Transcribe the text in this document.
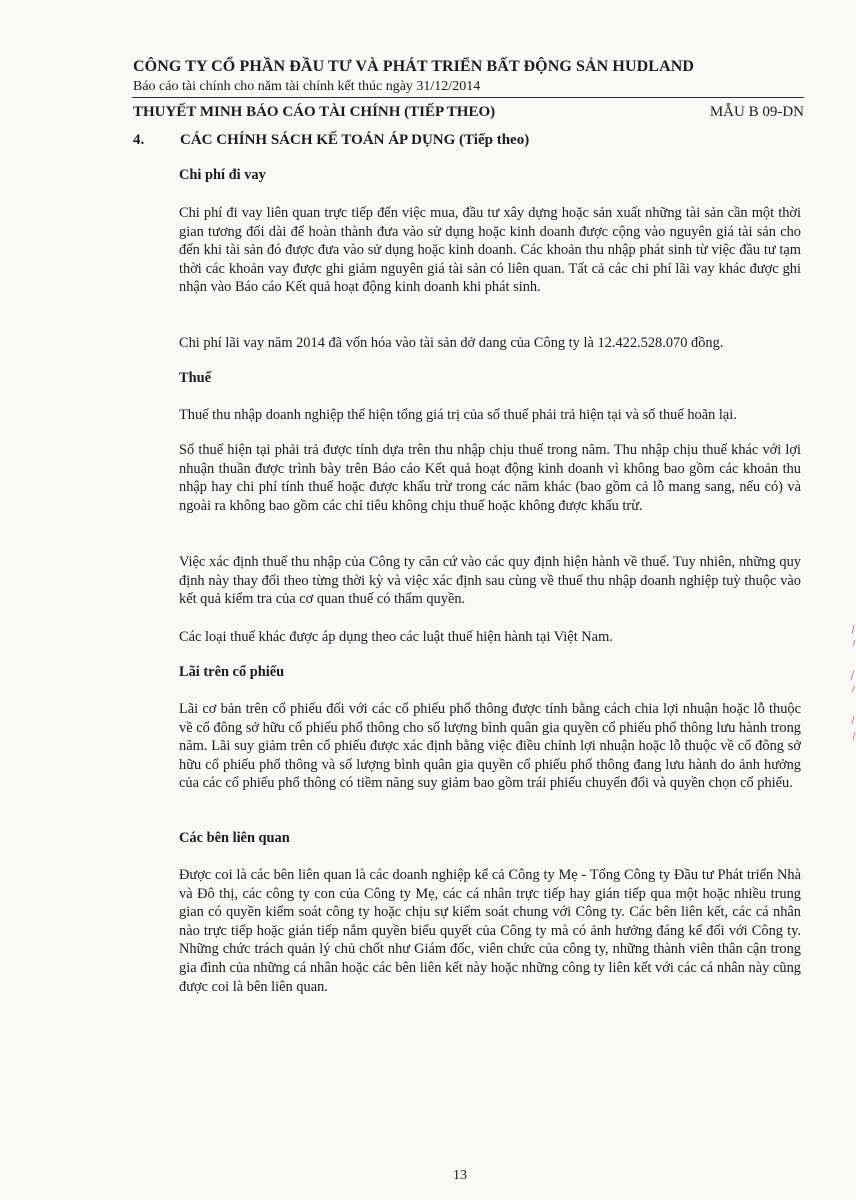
CÔNG TY CỔ PHẦN ĐẦU TƯ VÀ PHÁT TRIỂN BẤT ĐỘNG SẢN HUDLAND
Báo cáo tài chính cho năm tài chính kết thúc ngày 31/12/2014
THUYẾT MINH BÁO CÁO TÀI CHÍNH (TIẾP THEO)	MẪU B 09-DN
4. CÁC CHÍNH SÁCH KẾ TOÁN ÁP DỤNG (Tiếp theo)
Chi phí đi vay
Chi phí đi vay liên quan trực tiếp đến việc mua, đầu tư xây dựng hoặc sản xuất những tài sản cần một thời gian tương đối dài để hoàn thành đưa vào sử dụng hoặc kinh doanh được cộng vào nguyên giá tài sản cho đến khi tài sản đó được đưa vào sử dụng hoặc kinh doanh. Các khoản thu nhập phát sinh từ việc đầu tư tạm thời các khoản vay được ghi giảm nguyên giá tài sản có liên quan. Tất cả các chi phí lãi vay khác được ghi nhận vào Báo cáo Kết quả hoạt động kinh doanh khi phát sinh.
Chi phí lãi vay năm 2014 đã vốn hóa vào tài sản dở dang của Công ty là 12.422.528.070 đồng.
Thuế
Thuế thu nhập doanh nghiệp thể hiện tổng giá trị của số thuế phải trả hiện tại và số thuế hoãn lại.
Số thuế hiện tại phải trả được tính dựa trên thu nhập chịu thuế trong năm. Thu nhập chịu thuế khác với lợi nhuận thuần được trình bày trên Báo cáo Kết quả hoạt động kinh doanh vì không bao gồm các khoản thu nhập hay chi phí tính thuế hoặc được khấu trừ trong các năm khác (bao gồm cả lỗ mang sang, nếu có) và ngoài ra không bao gồm các chỉ tiêu không chịu thuế hoặc không được khấu trừ.
Việc xác định thuế thu nhập của Công ty căn cứ vào các quy định hiện hành về thuế. Tuy nhiên, những quy định này thay đổi theo từng thời kỳ và việc xác định sau cùng về thuế thu nhập doanh nghiệp tuỳ thuộc vào kết quả kiểm tra của cơ quan thuế có thẩm quyền.
Các loại thuế khác được áp dụng theo các luật thuế hiện hành tại Việt Nam.
Lãi trên cổ phiếu
Lãi cơ bản trên cổ phiếu đối với các cổ phiếu phổ thông được tính bằng cách chia lợi nhuận hoặc lỗ thuộc về cổ đông sở hữu cổ phiếu phổ thông cho số lượng bình quân gia quyền cổ phiếu phổ thông lưu hành trong năm. Lãi suy giảm trên cổ phiếu được xác định bằng việc điều chỉnh lợi nhuận hoặc lỗ thuộc về cổ đông sở hữu cổ phiếu phổ thông và số lượng bình quân gia quyền cổ phiếu phổ thông đang lưu hành do ảnh hưởng của các cổ phiếu phổ thông có tiềm năng suy giảm bao gồm trái phiếu chuyển đổi và quyền chọn cổ phiếu.
Các bên liên quan
Được coi là các bên liên quan là các doanh nghiệp kể cả Công ty Mẹ - Tổng Công ty Đầu tư Phát triển Nhà và Đô thị, các công ty con của Công ty Mẹ, các cá nhân trực tiếp hay gián tiếp qua một hoặc nhiều trung gian có quyền kiểm soát công ty hoặc chịu sự kiểm soát chung với Công ty. Các bên liên kết, các cá nhân nào trực tiếp hoặc gián tiếp nắm quyền biểu quyết của Công ty mà có ảnh hưởng đáng kể đối với Công ty. Những chức trách quản lý chủ chốt như Giám đốc, viên chức của công ty, những thành viên thân cận trong gia đình của những cá nhân hoặc các bên liên kết này hoặc những công ty liên kết với các cá nhân này cũng được coi là bên liên quan.
13
